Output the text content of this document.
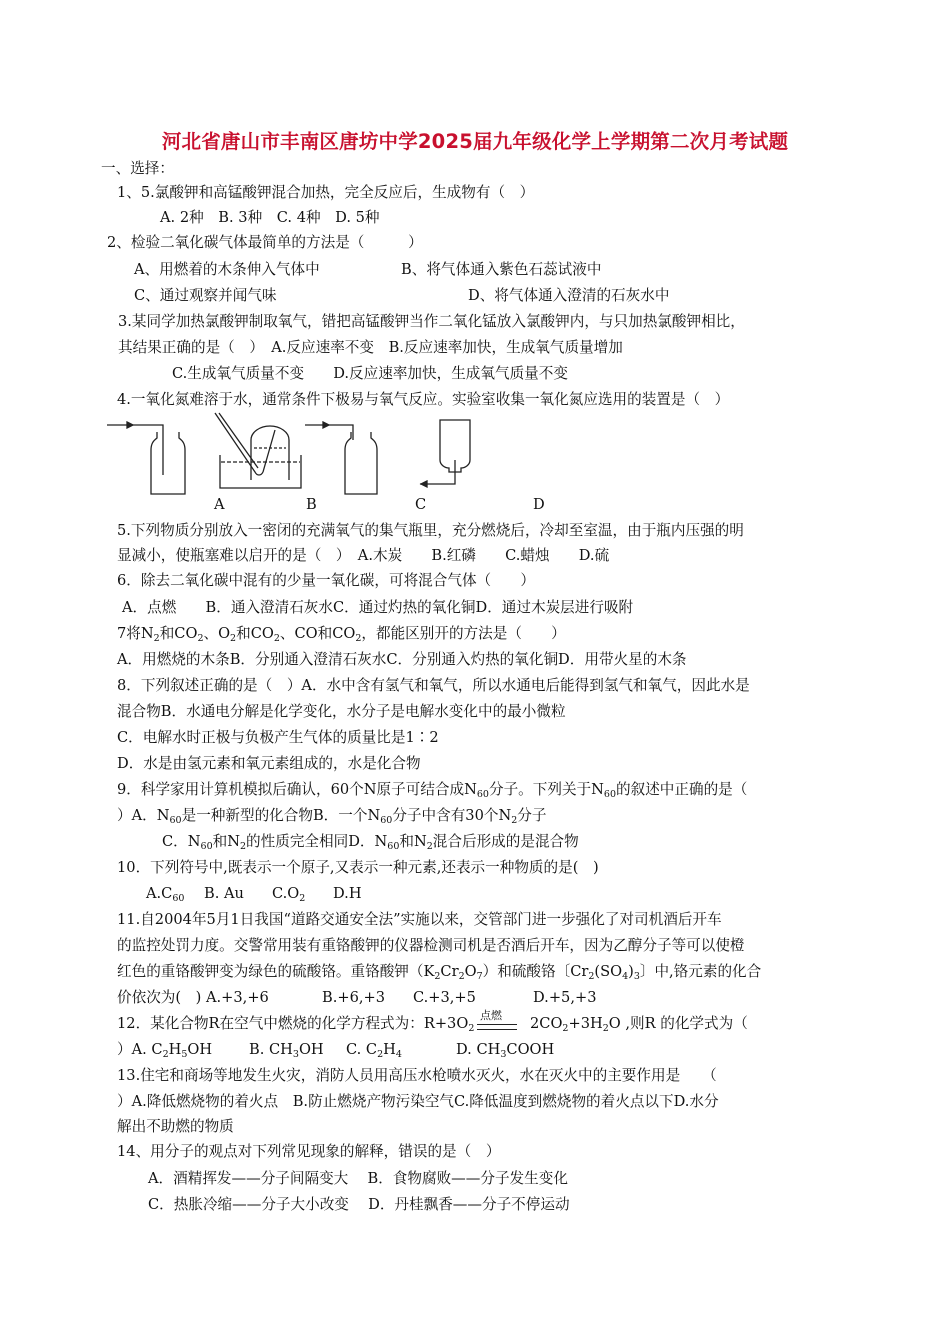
河北省唐山市丰南区唐坊中学2025届九年级化学上学期第二次月考试题
一、选择：
1、5.氯酸钾和高锰酸钾混合加热，完全反应后，生成物有（　）
A. 2种　B. 3种　C. 4种　D. 5种
2、检验二氧化碳气体最简单的方法是（　　　）
A、用燃着的木条伸入气体中	B、将气体通入紫色石蕊试液中
C、通过观察并闻气味	D、将气体通入澄清的石灰水中
3.某同学加热氯酸钾制取氧气，错把高锰酸钾当作二氧化锰放入氯酸钾内，与只加热氯酸钾相比，
其结果正确的是（　）　A.反应速率不变　B.反应速率加快，生成氧气质量增加
C.生成氧气质量不变　　D.反应速率加快，生成氧气质量不变
4.一氧化氮难溶于水，通常条件下极易与氧气反应。实验室收集一氧化氮应选用的装置是（　）
A	B	C	D
5.下列物质分别放入一密闭的充满氧气的集气瓶里，充分燃烧后，冷却至室温，由于瓶内压强的明
显减小，使瓶塞难以启开的是（　）　A.木炭　　B.红磷　　C.蜡烛　　D.硫
6．除去二氧化碳中混有的少量一氧化碳，可将混合气体（　　）
A．点燃　　B．通入澄清石灰水C．通过灼热的氧化铜D．通过木炭层进行吸附
7将$N_2$和$CO_2$、$O_2$和$CO_2$、CO和$CO_2$，都能区别开的方法是（　　）
A．用燃烧的木条B．分别通入澄清石灰水C．分别通入灼热的氧化铜D．用带火星的木条
8．下列叙述正确的是（　）A．水中含有氢气和氧气，所以水通电后能得到氢气和氧气，因此水是
混合物B．水通电分解是化学变化，水分子是电解水变化中的最小微粒
C．电解水时正极与负极产生气体的质量比是1∶2
D．水是由氢元素和氧元素组成的，水是化合物
9．科学家用计算机模拟后确认，60个N原子可结合成$N_{60}$分子。下列关于$N_{60}$的叙述中正确的是（
）A．$N_{60}$是一种新型的化合物B．一个$N_{60}$分子中含有30个$N_2$分子
C．$N_{60}$和$N_2$的性质完全相同D．$N_{60}$和$N_2$混合后形成的是混合物
10．下列符号中,既表示一个原子,又表示一种元素,还表示一种物质的是(　)
$A.C_{60}$ B. Au $C.O_2$ D.H
11.自2004年5月1日我国“道路交通安全法”实施以来，交管部门进一步强化了对司机酒后开车
的监控处罚力度。交警常用装有重铬酸钾的仪器检测司机是否酒后开车，因为乙醇分子等可以使橙
红色的重铬酸钾变为绿色的硫酸铬。重铬酸钾$(K_2Cr_2O_7)$和硫酸铬〔$Cr_2(SO_4)_3$〕中,铬元素的化合
价依次为(　) A.+3,+6	B.+6,+3 C.+3,+5	D.+5,+3
12．某化合物R在空气中燃烧的化学方程式为：$R+3O_2$
点燃 $2CO_2+3H_2O$ ,则R 的化学式为（
）A. $C_2H_5OH$	B. $CH_3OH$ C. $C_2H_4$	D. $CH_3COOH$
13.住宅和商场等地发生火灾，消防人员用高压水枪喷水灭火，水在灭火中的主要作用是　　（
）A.降低燃烧物的着火点　B.防止燃烧产物污染空气C.降低温度到燃烧物的着火点以下D.水分
解出不助燃的物质
14、用分子的观点对下列常见现象的解释，错误的是（　）
A．酒精挥发——分子间隔变大　 B．食物腐败——分子发生变化
C．热胀冷缩——分子大小改变　 D．丹桂飘香——分子不停运动
